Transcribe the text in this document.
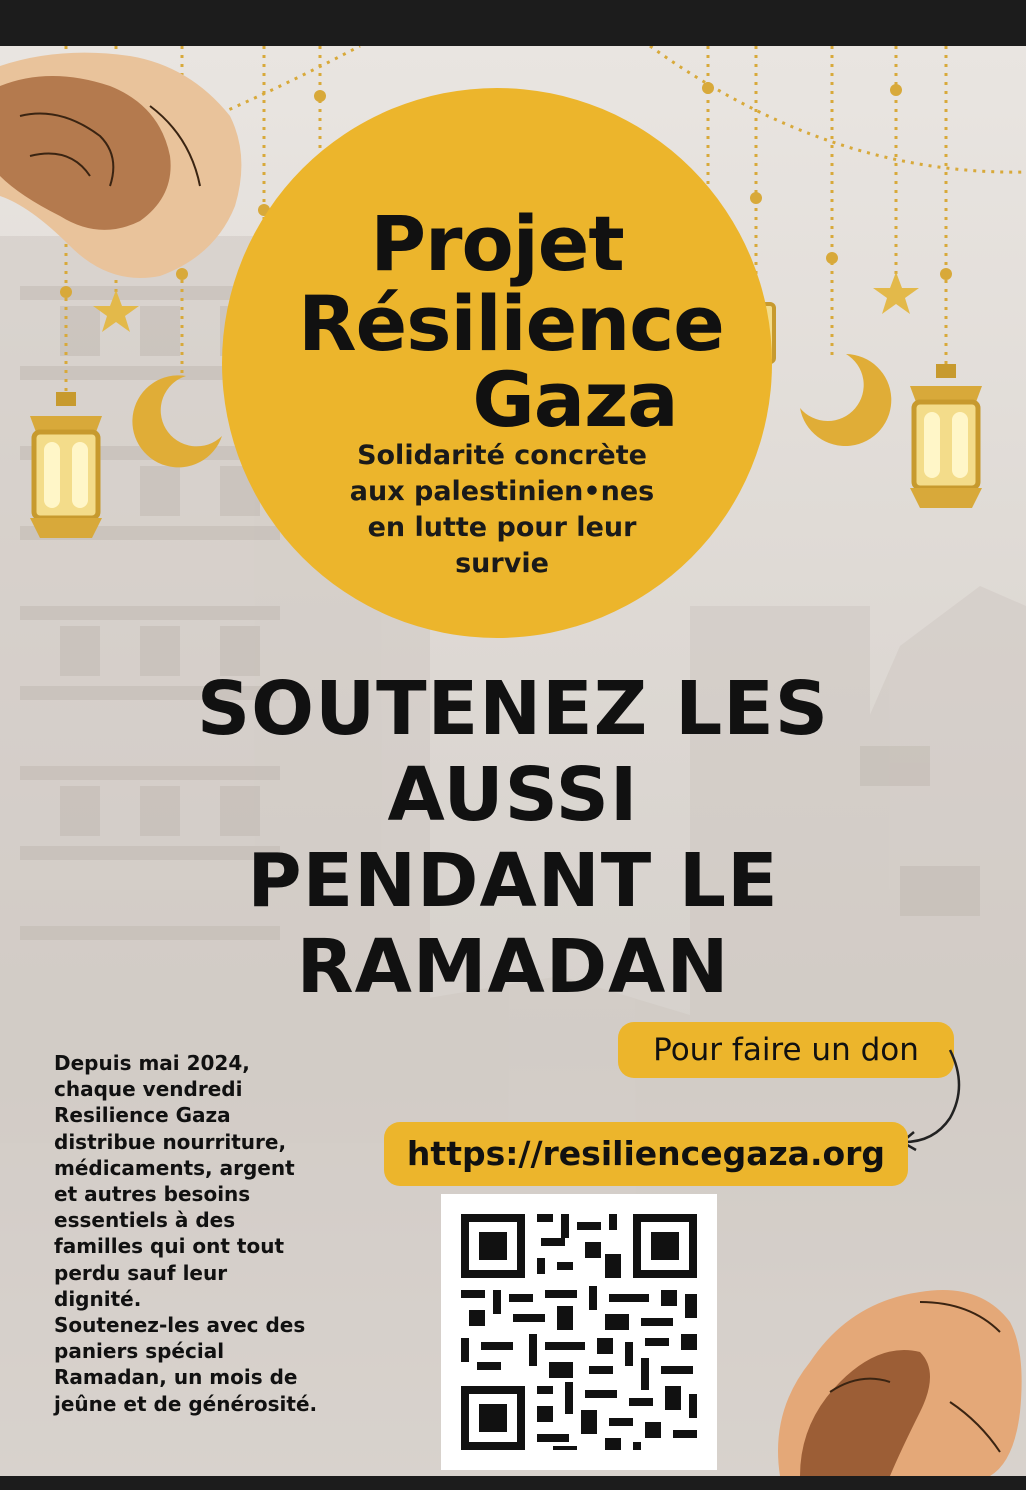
Projet
Résilience
Gaza
Solidarité concrète
aux palestinien•nes
en lutte pour leur
survie
SOUTENEZ LES
AUSSI
PENDANT LE
RAMADAN
Pour faire un don
https://resiliencegaza.org
Depuis mai 2024,
chaque vendredi
Resilience Gaza
distribue nourriture,
médicaments, argent
et autres besoins
essentiels à des
familles qui ont tout
perdu sauf leur
dignité.
Soutenez-les avec des
paniers spécial
Ramadan, un mois de
jeûne et de générosité.
